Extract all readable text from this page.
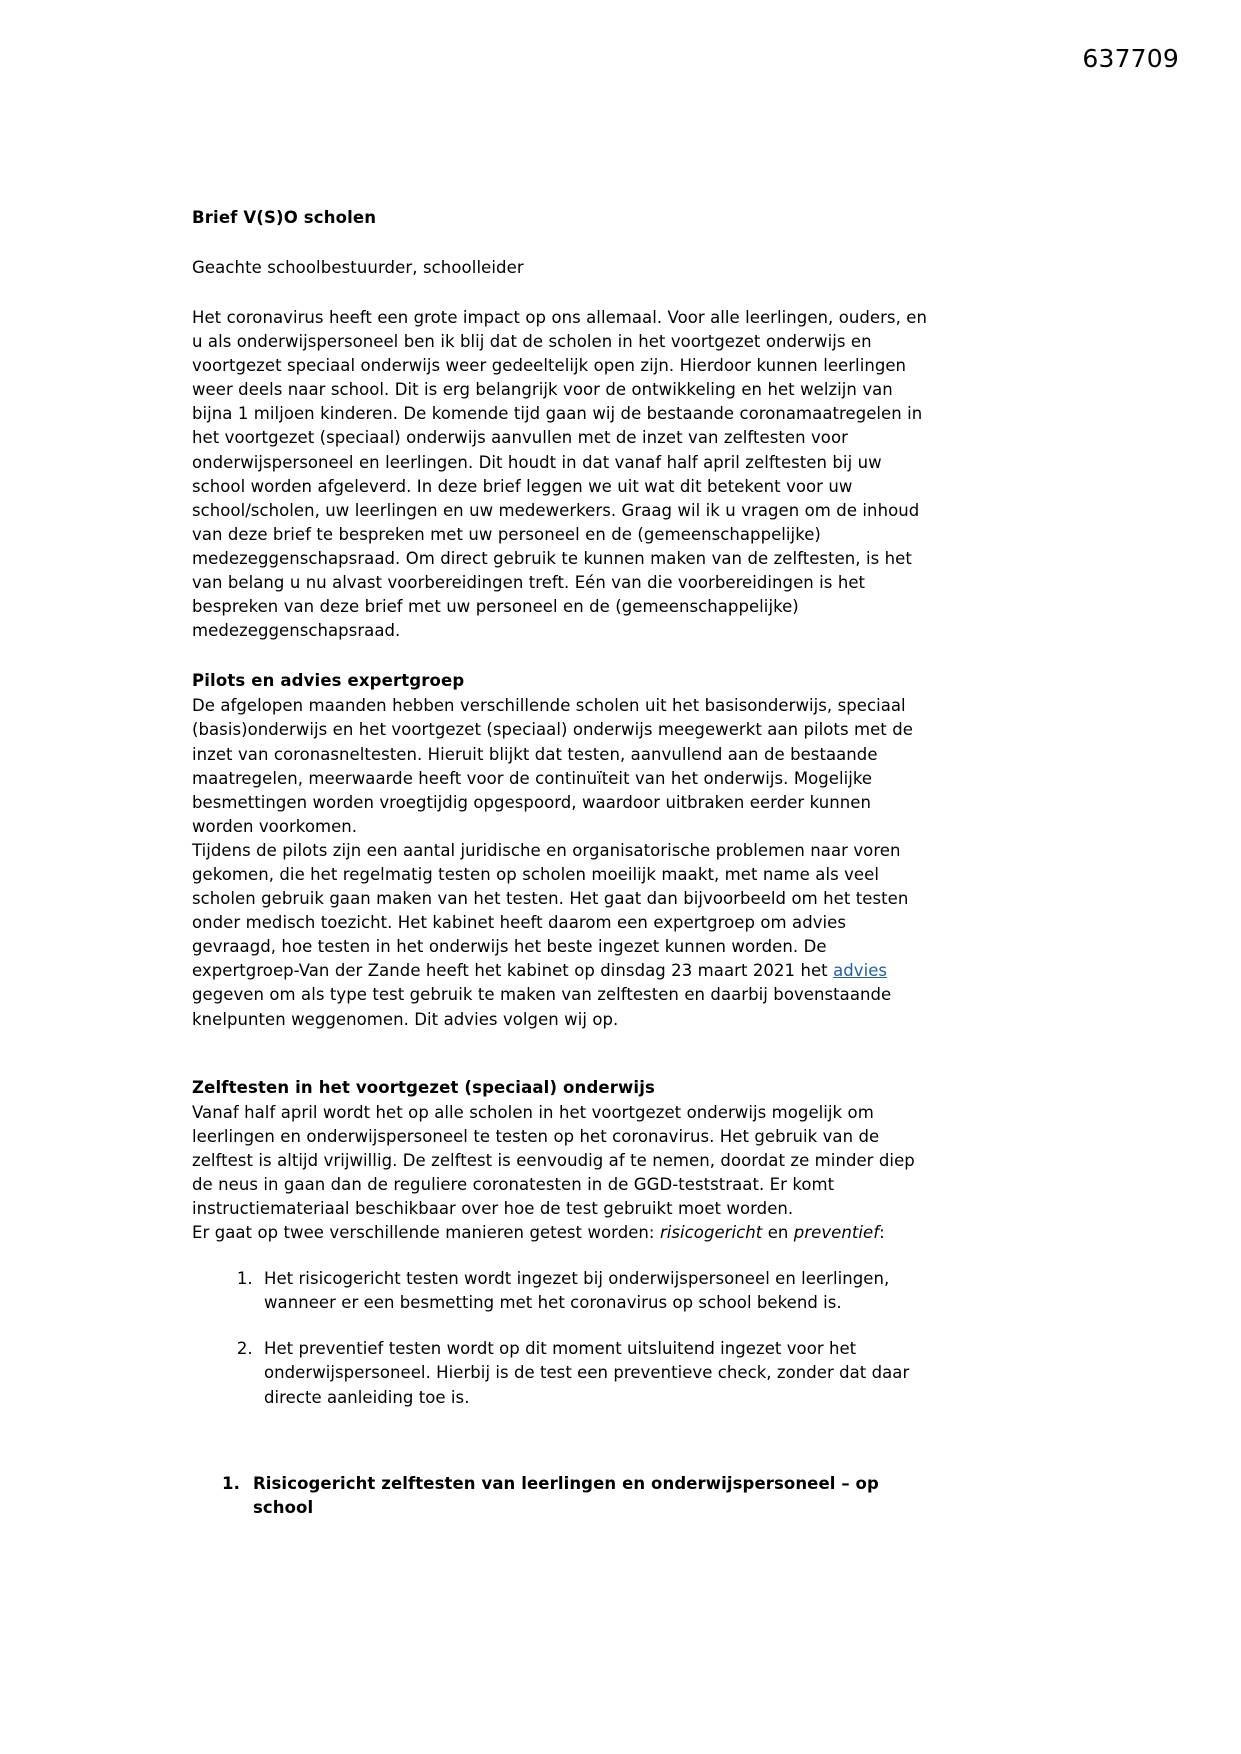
637709
Brief V(S)O scholen
Geachte schoolbestuurder, schoolleider

Het coronavirus heeft een grote impact op ons allemaal. Voor alle leerlingen, ouders, en u als onderwijspersoneel ben ik blij dat de scholen in het voortgezet onderwijs en voortgezet speciaal onderwijs weer gedeeltelijk open zijn. Hierdoor kunnen leerlingen weer deels naar school. Dit is erg belangrijk voor de ontwikkeling en het welzijn van bijna 1 miljoen kinderen. De komende tijd gaan wij de bestaande coronamaatregelen in het voortgezet (speciaal) onderwijs aanvullen met de inzet van zelftesten voor onderwijspersoneel en leerlingen. Dit houdt in dat vanaf half april zelftesten bij uw school worden afgeleverd. In deze brief leggen we uit wat dit betekent voor uw school/scholen, uw leerlingen en uw medewerkers. Graag wil ik u vragen om de inhoud van deze brief te bespreken met uw personeel en de (gemeenschappelijke) medezeggenschapsraad. Om direct gebruik te kunnen maken van de zelftesten, is het van belang u nu alvast voorbereidingen treft. Eén van die voorbereidingen is het bespreken van deze brief met uw personeel en de (gemeenschappelijke) medezeggenschapsraad.

Pilots en advies expertgroep

De afgelopen maanden hebben verschillende scholen uit het basisonderwijs, speciaal (basis)onderwijs en het voortgezet (speciaal) onderwijs meegewerkt aan pilots met de inzet van coronasneltesten. Hieruit blijkt dat testen, aanvullend aan de bestaande maatregelen, meerwaarde heeft voor de continuïteit van het onderwijs. Mogelijke besmettingen worden vroegtijdig opgespoord, waardoor uitbraken eerder kunnen worden voorkomen.

Tijdens de pilots zijn een aantal juridische en organisatorische problemen naar voren gekomen, die het regelmatig testen op scholen moeilijk maakt, met name als veel scholen gebruik gaan maken van het testen. Het gaat dan bijvoorbeeld om het testen onder medisch toezicht. Het kabinet heeft daarom een expertgroep om advies gevraagd, hoe testen in het onderwijs het beste ingezet kunnen worden. De expertgroep-Van der Zande heeft het kabinet op dinsdag 23 maart 2021 het advies gegeven om als type test gebruik te maken van zelftesten en daarbij bovenstaande knelpunten weggenomen. Dit advies volgen wij op.

Zelftesten in het voortgezet (speciaal) onderwijs

Vanaf half april wordt het op alle scholen in het voortgezet onderwijs mogelijk om leerlingen en onderwijspersoneel te testen op het coronavirus. Het gebruik van de zelftest is altijd vrijwillig. De zelftest is eenvoudig af te nemen, doordat ze minder diep de neus in gaan dan de reguliere coronatesten in de GGD-teststraat. Er komt instructiemateriaal beschikbaar over hoe de test gebruikt moet worden.

Er gaat op twee verschillende manieren getest worden: risicogericht en preventief:

1. Het risicogericht testen wordt ingezet bij onderwijspersoneel en leerlingen, wanneer er een besmetting met het coronavirus op school bekend is.
2. Het preventief testen wordt op dit moment uitsluitend ingezet voor het onderwijspersoneel. Hierbij is de test een preventieve check, zonder dat daar directe aanleiding toe is.
1. Risicogericht zelftesten van leerlingen en onderwijspersoneel – op school
